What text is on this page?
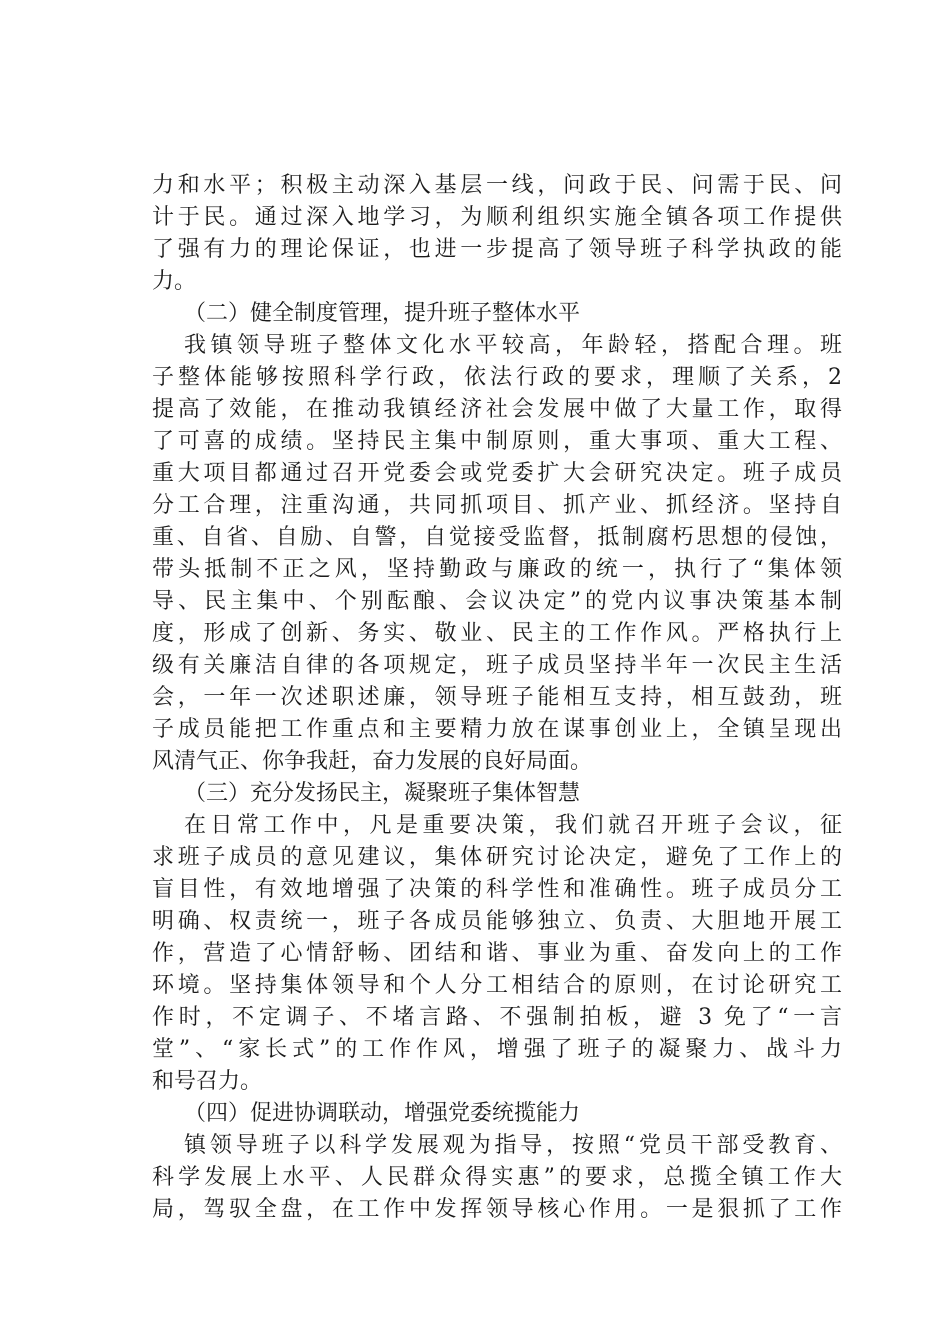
力和水平；积极主动深入基层一线，问政于民、问需于民、问
计于民。通过深入地学习，为顺利组织实施全镇各项工作提供
了强有力的理论保证，也进一步提高了领导班子科学执政的能
力。
（二）健全制度管理，提升班子整体水平
我镇领导班子整体文化水平较高，年龄轻，搭配合理。班
子整体能够按照科学行政，依法行政的要求，理顺了关系，2
提高了效能，在推动我镇经济社会发展中做了大量工作，取得
了可喜的成绩。坚持民主集中制原则，重大事项、重大工程、
重大项目都通过召开党委会或党委扩大会研究决定。班子成员
分工合理，注重沟通，共同抓项目、抓产业、抓经济。坚持自
重、自省、自励、自警，自觉接受监督，抵制腐朽思想的侵蚀，
带头抵制不正之风，坚持勤政与廉政的统一，执行了“集体领
导、民主集中、个别酝酿、会议决定”的党内议事决策基本制
度，形成了创新、务实、敬业、民主的工作作风。严格执行上
级有关廉洁自律的各项规定，班子成员坚持半年一次民主生活
会，一年一次述职述廉，领导班子能相互支持，相互鼓劲，班
子成员能把工作重点和主要精力放在谋事创业上，全镇呈现出
风清气正、你争我赶，奋力发展的良好局面。
（三）充分发扬民主，凝聚班子集体智慧
在日常工作中，凡是重要决策，我们就召开班子会议，征
求班子成员的意见建议，集体研究讨论决定，避免了工作上的
盲目性，有效地增强了决策的科学性和准确性。班子成员分工
明确、权责统一，班子各成员能够独立、负责、大胆地开展工
作，营造了心情舒畅、团结和谐、事业为重、奋发向上的工作
环境。坚持集体领导和个人分工相结合的原则，在讨论研究工
作时，不定调子、不堵言路、不强制拍板，避 3 免了“一言
堂”、“家长式”的工作作风，增强了班子的凝聚力、战斗力
和号召力。
（四）促进协调联动，增强党委统揽能力
镇领导班子以科学发展观为指导，按照“党员干部受教育、
科学发展上水平、人民群众得实惠”的要求，总揽全镇工作大
局，驾驭全盘，在工作中发挥领导核心作用。一是狠抓了工作
